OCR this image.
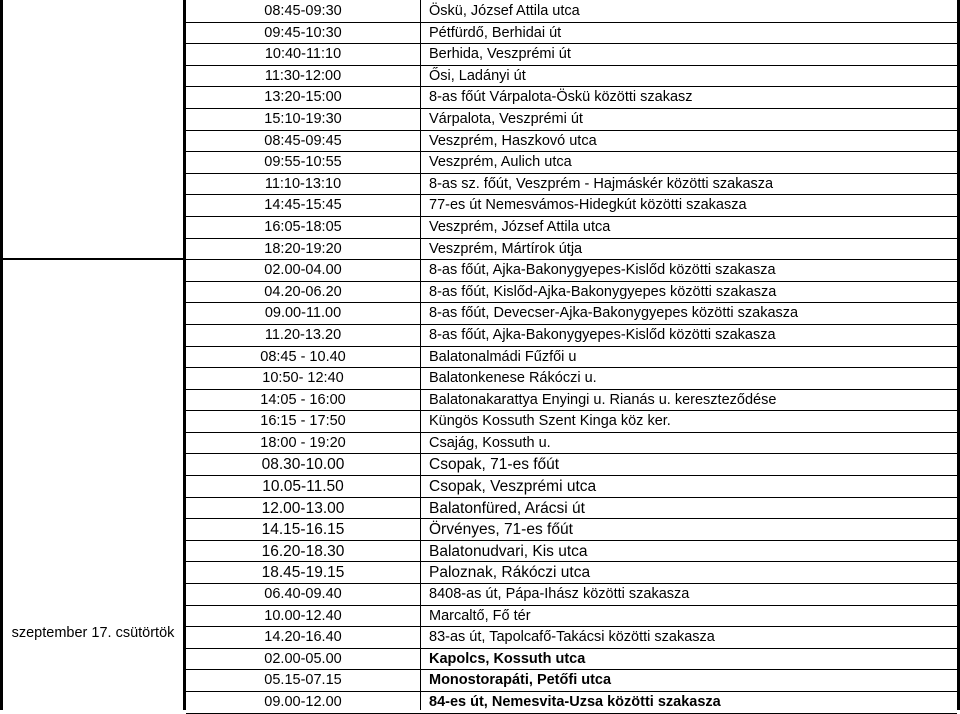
szeptember 17. csütörtök
08:45-09:30	Öskü, József Attila utca
09:45-10:30	Pétfürdő, Berhidai út
10:40-11:10	Berhida, Veszprémi út
11:30-12:00	Ősi, Ladányi út
13:20-15:00	8-as főút Várpalota-Öskü közötti szakasz
15:10-19:30	Várpalota, Veszprémi út
08:45-09:45	Veszprém, Haszkovó utca
09:55-10:55	Veszprém, Aulich utca
11:10-13:10	8-as sz. főút, Veszprém - Hajmáskér közötti szakasza
14:45-15:45	77-es út Nemesvámos-Hidegkút közötti szakasza
16:05-18:05	Veszprém, József Attila utca
18:20-19:20	Veszprém, Mártírok útja
02.00-04.00	8-as főút, Ajka-Bakonygyepes-Kislőd közötti szakasza
04.20-06.20	8-as főút, Kislőd-Ajka-Bakonygyepes közötti szakasza
09.00-11.00	8-as főút, Devecser-Ajka-Bakonygyepes közötti szakasza
11.20-13.20	8-as főút, Ajka-Bakonygyepes-Kislőd közötti szakasza
08:45 - 10.40	Balatonalmádi Fűzfői u
10:50- 12:40	Balatonkenese Rákóczi u.
14:05 - 16:00	Balatonakarattya Enyingi u. Rianás u. kereszteződése
16:15 - 17:50	Küngös Kossuth Szent Kinga köz ker.
18:00 - 19:20	Csajág, Kossuth u.
08.30-10.00	Csopak, 71-es főút
10.05-11.50	Csopak, Veszprémi utca
12.00-13.00	Balatonfüred, Arácsi út
14.15-16.15	Örvényes, 71-es főút
16.20-18.30	Balatonudvari, Kis utca
18.45-19.15	Paloznak, Rákóczi utca
06.40-09.40	8408-as út, Pápa-Ihász közötti szakasza
10.00-12.40	Marcaltő, Fő tér
14.20-16.40	83-as út, Tapolcafő-Takácsi közötti szakasza
02.00-05.00	Kapolcs, Kossuth utca
05.15-07.15	Monostorapáti, Petőfi utca
09.00-12.00	84-es út, Nemesvita-Uzsa közötti szakasza
